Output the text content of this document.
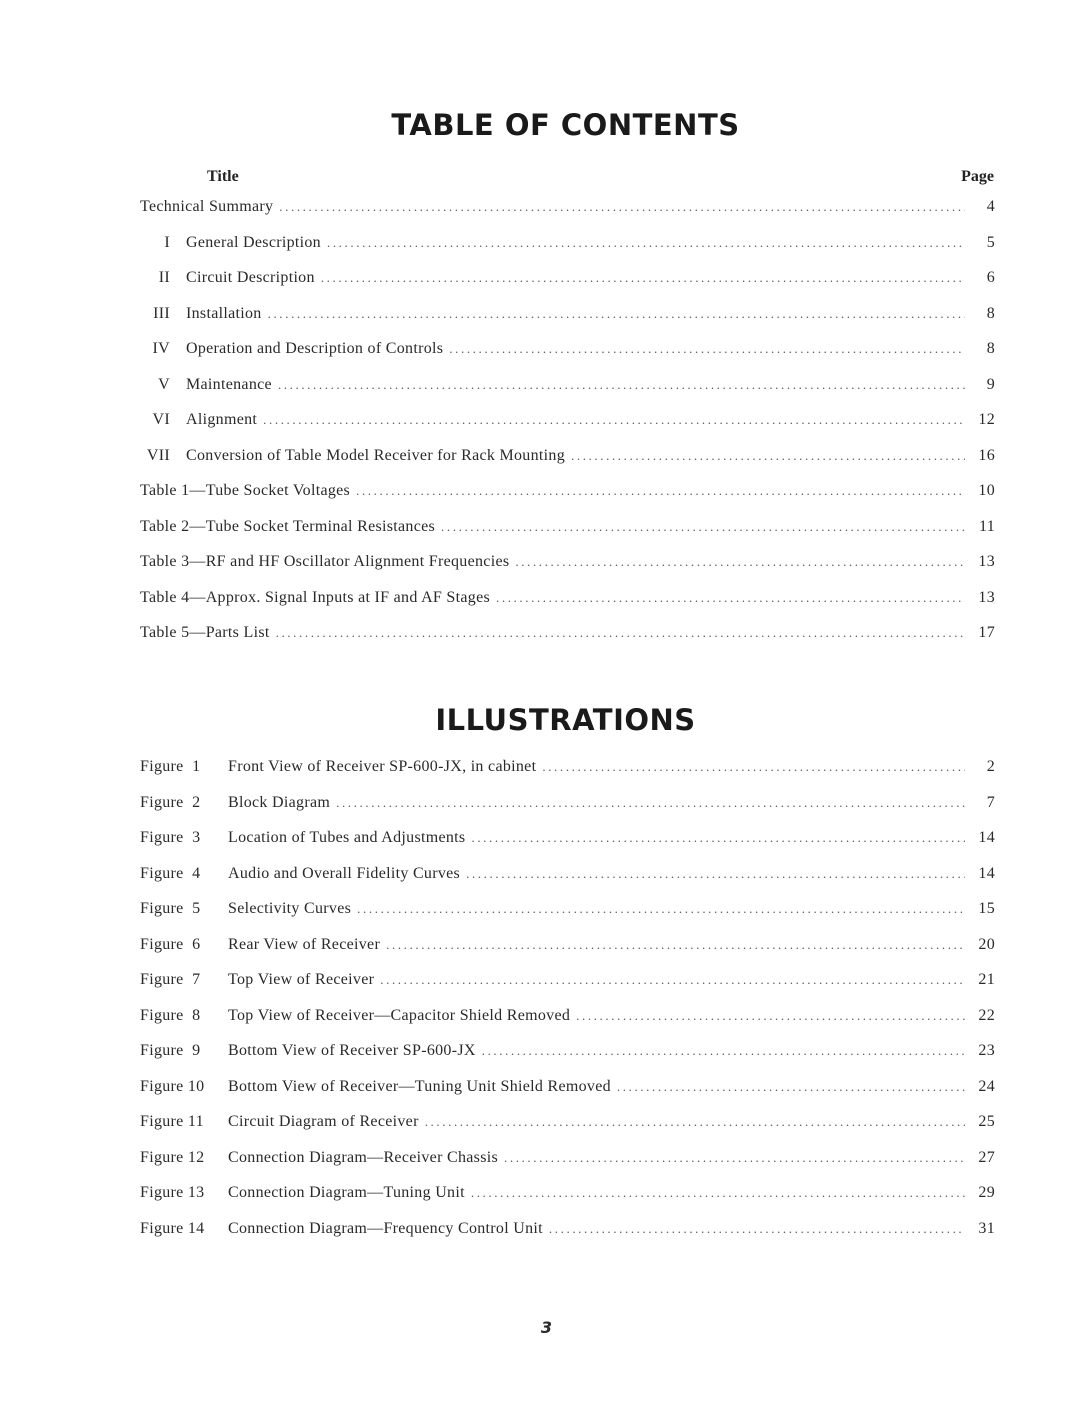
TABLE OF CONTENTS
Title	Page
Technical Summary .....	4
I General Description .....	5
II Circuit Description .....	6
III Installation .....	8
IV Operation and Description of Controls .....	8
V Maintenance .....	9
VI Alignment .....	12
VII Conversion of Table Model Receiver for Rack Mounting .....	16
Table 1—Tube Socket Voltages .....	10
Table 2—Tube Socket Terminal Resistances .....	11
Table 3—RF and HF Oscillator Alignment Frequencies .....	13
Table 4—Approx. Signal Inputs at IF and AF Stages .....	13
Table 5—Parts List .....	17
ILLUSTRATIONS
Figure  1	Front View of Receiver SP-600-JX, in cabinet .....	2
Figure  2	Block Diagram .....	7
Figure  3	Location of Tubes and Adjustments .....	14
Figure  4	Audio and Overall Fidelity Curves .....	14
Figure  5	Selectivity Curves .....	15
Figure  6	Rear View of Receiver .....	20
Figure  7	Top View of Receiver .....	21
Figure  8	Top View of Receiver—Capacitor Shield Removed .....	22
Figure  9	Bottom View of Receiver SP-600-JX .....	23
Figure 10	Bottom View of Receiver—Tuning Unit Shield Removed .....	24
Figure 11	Circuit Diagram of Receiver .....	25
Figure 12	Connection Diagram—Receiver Chassis .....	27
Figure 13	Connection Diagram—Tuning Unit .....	29
Figure 14	Connection Diagram—Frequency Control Unit .....	31
3
